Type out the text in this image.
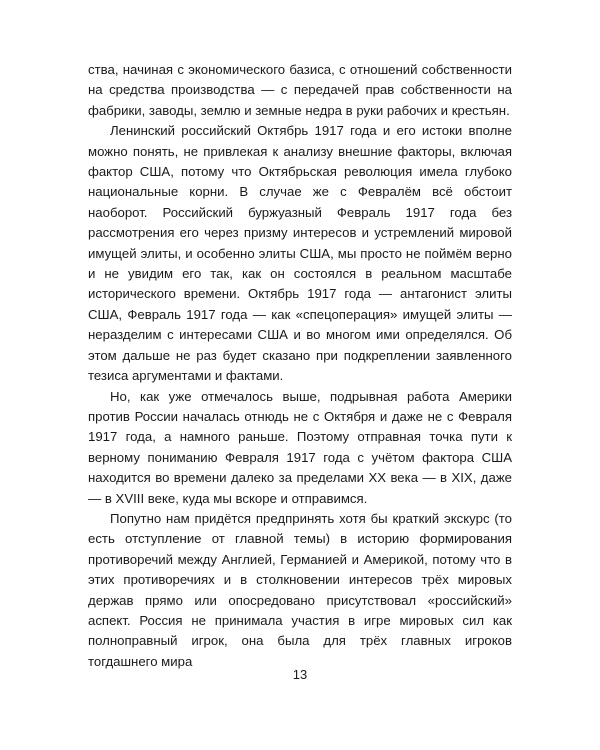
ства, начиная с экономического базиса, с отношений собственности на средства производства — с передачей прав собственности на фабрики, заводы, землю и земные недра в руки рабочих и крестьян.

Ленинский российский Октябрь 1917 года и его истоки вполне можно понять, не привлекая к анализу внешние факторы, включая фактор США, потому что Октябрьская революция имела глубоко национальные корни. В случае же с Февралём всё обстоит наоборот. Российский буржуазный Февраль 1917 года без рассмотрения его через призму интересов и устремлений мировой имущей элиты, и особенно элиты США, мы просто не поймём верно и не увидим его так, как он состоялся в реальном масштабе исторического времени. Октябрь 1917 года — антагонист элиты США, Февраль 1917 года — как «спецоперация» имущей элиты — неразделим с интересами США и во многом ими определялся. Об этом дальше не раз будет сказано при подкреплении заявленного тезиса аргументами и фактами.

Но, как уже отмечалось выше, подрывная работа Америки против России началась отнюдь не с Октября и даже не с Февраля 1917 года, а намного раньше. Поэтому отправная точка пути к верному пониманию Февраля 1917 года с учётом фактора США находится во времени далеко за пределами XX века — в XIX, даже — в XVIII веке, куда мы вскоре и отправимся.

Попутно нам придётся предпринять хотя бы краткий экскурс (то есть отступление от главной темы) в историю формирования противоречий между Англией, Германией и Америкой, потому что в этих противоречиях и в столкновении интересов трёх мировых держав прямо или опосредовано присутствовал «российский» аспект. Россия не принимала участия в игре мировых сил как полноправный игрок, она была для трёх главных игроков тогдашнего мира

13
